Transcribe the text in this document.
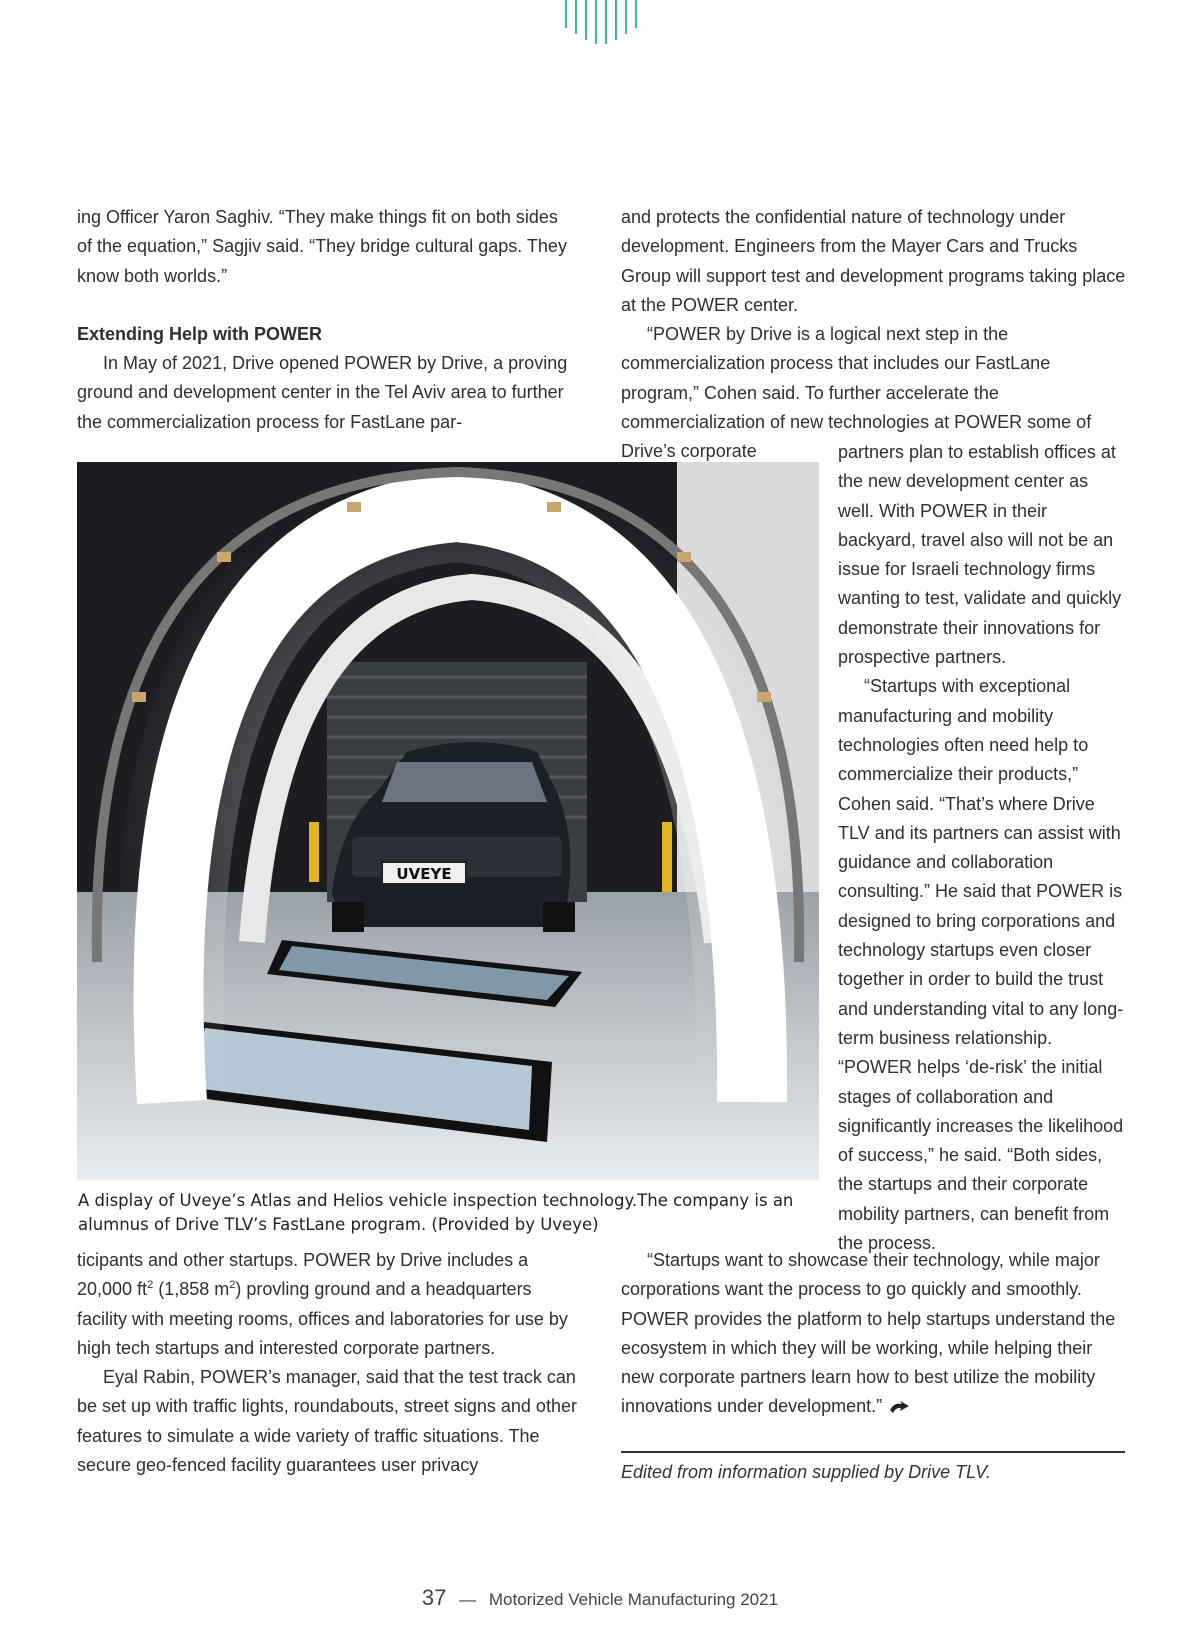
ing Officer Yaron Saghiv. “They make things fit on both sides of the equation,” Sagjiv said. “They bridge cultural gaps. They know both worlds.”

Extending Help with POWER

In May of 2021, Drive opened POWER by Drive, a proving ground and development center in the Tel Aviv area to further the commercialization process for FastLane par-

and protects the confidential nature of technology under development. Engineers from the Mayer Cars and Trucks Group will support test and development programs taking place at the POWER center.

“POWER by Drive is a logical next step in the commercialization process that includes our FastLane program,” Cohen said. To further accelerate the commercialization of new technologies at POWER some of Drive’s corporate

UVEYE
A display of Uveye’s Atlas and Helios vehicle inspection technology.The company is an alumnus of Drive TLV’s FastLane program. (Provided by Uveye)

partners plan to establish offices at the new development center as well. With POWER in their backyard, travel also will not be an issue for Israeli technology firms wanting to test, validate and quickly demonstrate their innovations for prospective partners.

“Startups with exceptional manufacturing and mobility technologies often need help to commercialize their products,” Cohen said. “That’s where Drive TLV and its partners can assist with guidance and collaboration consulting.” He said that POWER is designed to bring corporations and technology startups even closer together in order to build the trust and understanding vital to any long-term business relationship. “POWER helps ‘de-risk’ the initial stages of collaboration and significantly increases the likelihood of success,” he said. “Both sides, the startups and their corporate mobility partners, can benefit from the process.

ticipants and other startups. POWER by Drive includes a 20,000 $ft^2$ (1,858 $m^2$) provling ground and a headquarters facility with meeting rooms, offices and laboratories for use by high tech startups and interested corporate partners.

Eyal Rabin, POWER’s manager, said that the test track can be set up with traffic lights, roundabouts, street signs and other features to simulate a wide variety of traffic situations. The secure geo-fenced facility guarantees user privacy

“Startups want to showcase their technology, while major corporations want the process to go quickly and smoothly. POWER provides the platform to help startups understand the ecosystem in which they will be working, while helping their new corporate partners learn how to best utilize the mobility innovations under development.”

Edited from information supplied by Drive TLV.
37 — Motorized Vehicle Manufacturing 2021
